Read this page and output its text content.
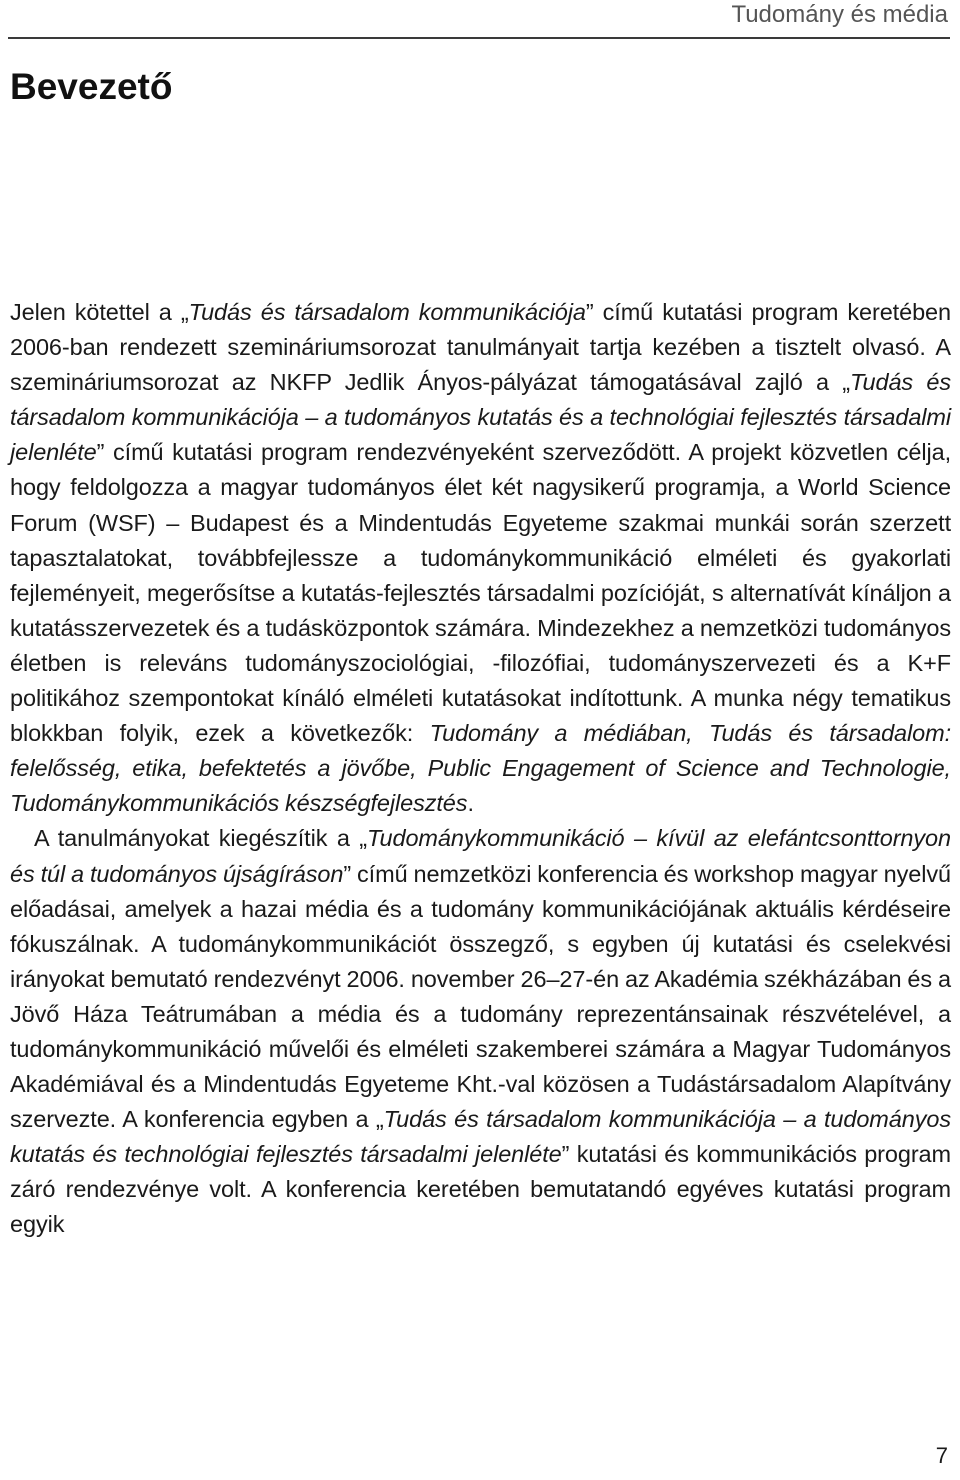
Tudomány és média
Bevezető

Jelen kötettel a „Tudás és társadalom kommunikációja” című kutatási program keretében 2006-ban rendezett szemináriumsorozat tanulmányait tartja kezében a tisztelt olvasó. A szemináriumsorozat az NKFP Jedlik Ányos-pályázat támogatásával zajló a „Tudás és társadalom kommunikációja – a tudományos kutatás és a technológiai fejlesztés társadalmi jelenléte” című kutatási program rendezvényeként szerveződött. A projekt közvetlen célja, hogy feldolgozza a magyar tudományos élet két nagysikerű programja, a World Science Forum (WSF) – Budapest és a Mindentudás Egyeteme szakmai munkái során szerzett tapasztalatokat, továbbfejlessze a tudománykommunikáció elméleti és gyakorlati fejleményeit, megerősítse a kutatás-fejlesztés társadalmi pozícióját, s alternatívát kínáljon a kutatásszervezetek és a tudásközpontok számára. Mindezekhez a nemzetközi tudományos életben is releváns tudományszociológiai, -filozófiai, tudományszervezeti és a K+F politikához szempontokat kínáló elméleti kutatásokat indítottunk. A munka négy tematikus blokkban folyik, ezek a következők: Tudomány a médiában, Tudás és társadalom: felelősség, etika, befektetés a jövőbe, Public Engagement of Science and Technologie, Tudománykommunikációs készségfejlesztés.

A tanulmányokat kiegészítik a „Tudománykommunikáció – kívül az elefántcsonttornyon és túl a tudományos újságíráson” című nemzetközi konferencia és workshop magyar nyelvű előadásai, amelyek a hazai média és a tudomány kommunikációjának aktuális kérdéseire fókuszálnak. A tudománykommunikációt összegző, s egyben új kutatási és cselekvési irányokat bemutató rendezvényt 2006. november 26–27-én az Akadémia székházában és a Jövő Háza Teátrumában a média és a tudomány reprezentánsainak részvételével, a tudománykommunikáció művelői és elméleti szakemberei számára a Magyar Tudományos Akadémiával és a Mindentudás Egyeteme Kht.-val közösen a Tudástársadalom Alapítvány szervezte. A konferencia egyben a „Tudás és társadalom kommunikációja – a tudományos kutatás és technológiai fejlesztés társadalmi jelenléte” kutatási és kommunikációs program záró rendezvénye volt. A konferencia keretében bemutatandó egyéves kutatási program egyik

7
